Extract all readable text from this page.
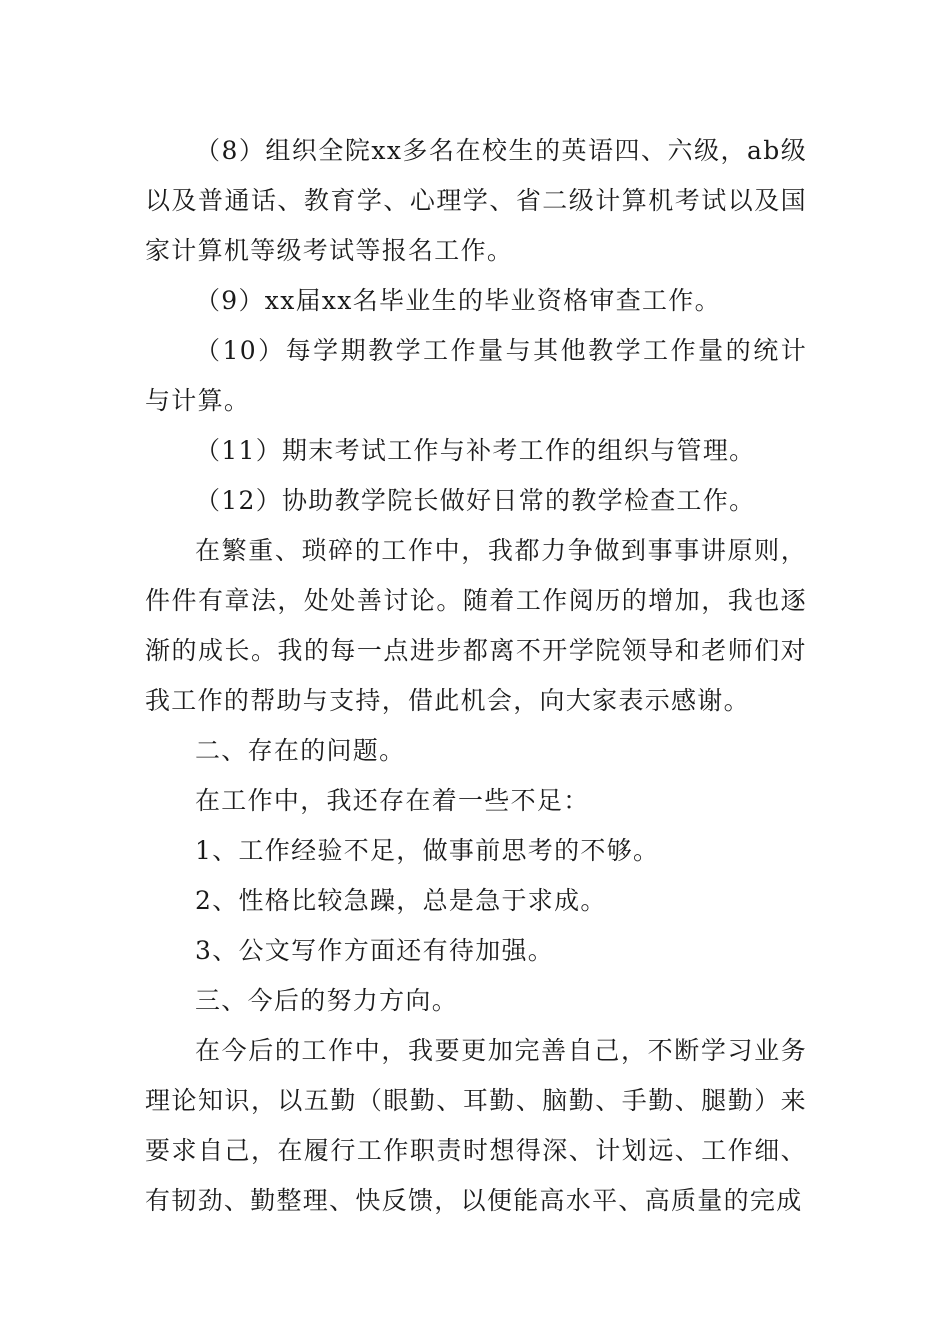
（8）组织全院xx多名在校生的英语四、六级，ab级以及普通话、教育学、心理学、省二级计算机考试以及国家计算机等级考试等报名工作。

（9）xx届xx名毕业生的毕业资格审查工作。

（10）每学期教学工作量与其他教学工作量的统计与计算。

（11）期末考试工作与补考工作的组织与管理。

（12）协助教学院长做好日常的教学检查工作。

在繁重、琐碎的工作中，我都力争做到事事讲原则，件件有章法，处处善讨论。随着工作阅历的增加，我也逐渐的成长。我的每一点进步都离不开学院领导和老师们对我工作的帮助与支持，借此机会，向大家表示感谢。

二、存在的问题。

在工作中，我还存在着一些不足：

1、工作经验不足，做事前思考的不够。

2、性格比较急躁，总是急于求成。

3、公文写作方面还有待加强。

三、今后的努力方向。

在今后的工作中，我要更加完善自己，不断学习业务理论知识，以五勤（眼勤、耳勤、脑勤、手勤、腿勤）来要求自己，在履行工作职责时想得深、计划远、工作细、有韧劲、勤整理、快反馈，以便能高水平、高质量的完成
